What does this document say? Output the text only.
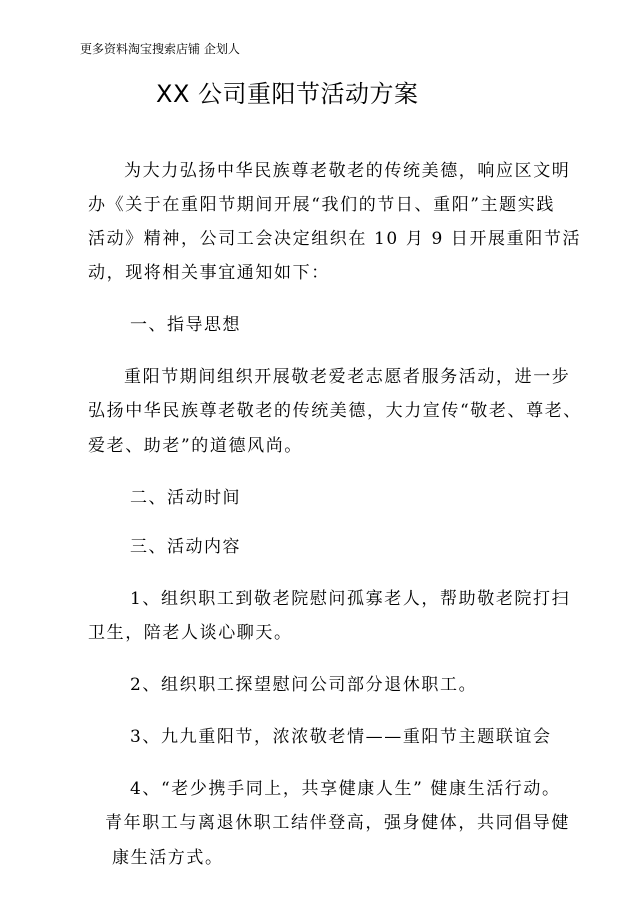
更多资料淘宝搜索店铺 企划人
XX 公司重阳节活动方案
为大力弘扬中华民族尊老敬老的传统美德，响应区文明
办《关于在重阳节期间开展“我们的节日、重阳”主题实践
活动》精神，公司工会决定组织在 10 月 9 日开展重阳节活
动，现将相关事宜通知如下：
一、指导思想
重阳节期间组织开展敬老爱老志愿者服务活动，进一步
弘扬中华民族尊老敬老的传统美德，大力宣传“敬老、尊老、
爱老、助老”的道德风尚。
二、活动时间
三、活动内容
1、组织职工到敬老院慰问孤寡老人，帮助敬老院打扫
卫生，陪老人谈心聊天。
2、组织职工探望慰问公司部分退休职工。
3、九九重阳节，浓浓敬老情——重阳节主题联谊会
4、“老少携手同上，共享健康人生” 健康生活行动。
青年职工与离退休职工结伴登高，强身健体，共同倡导健
康生活方式。
